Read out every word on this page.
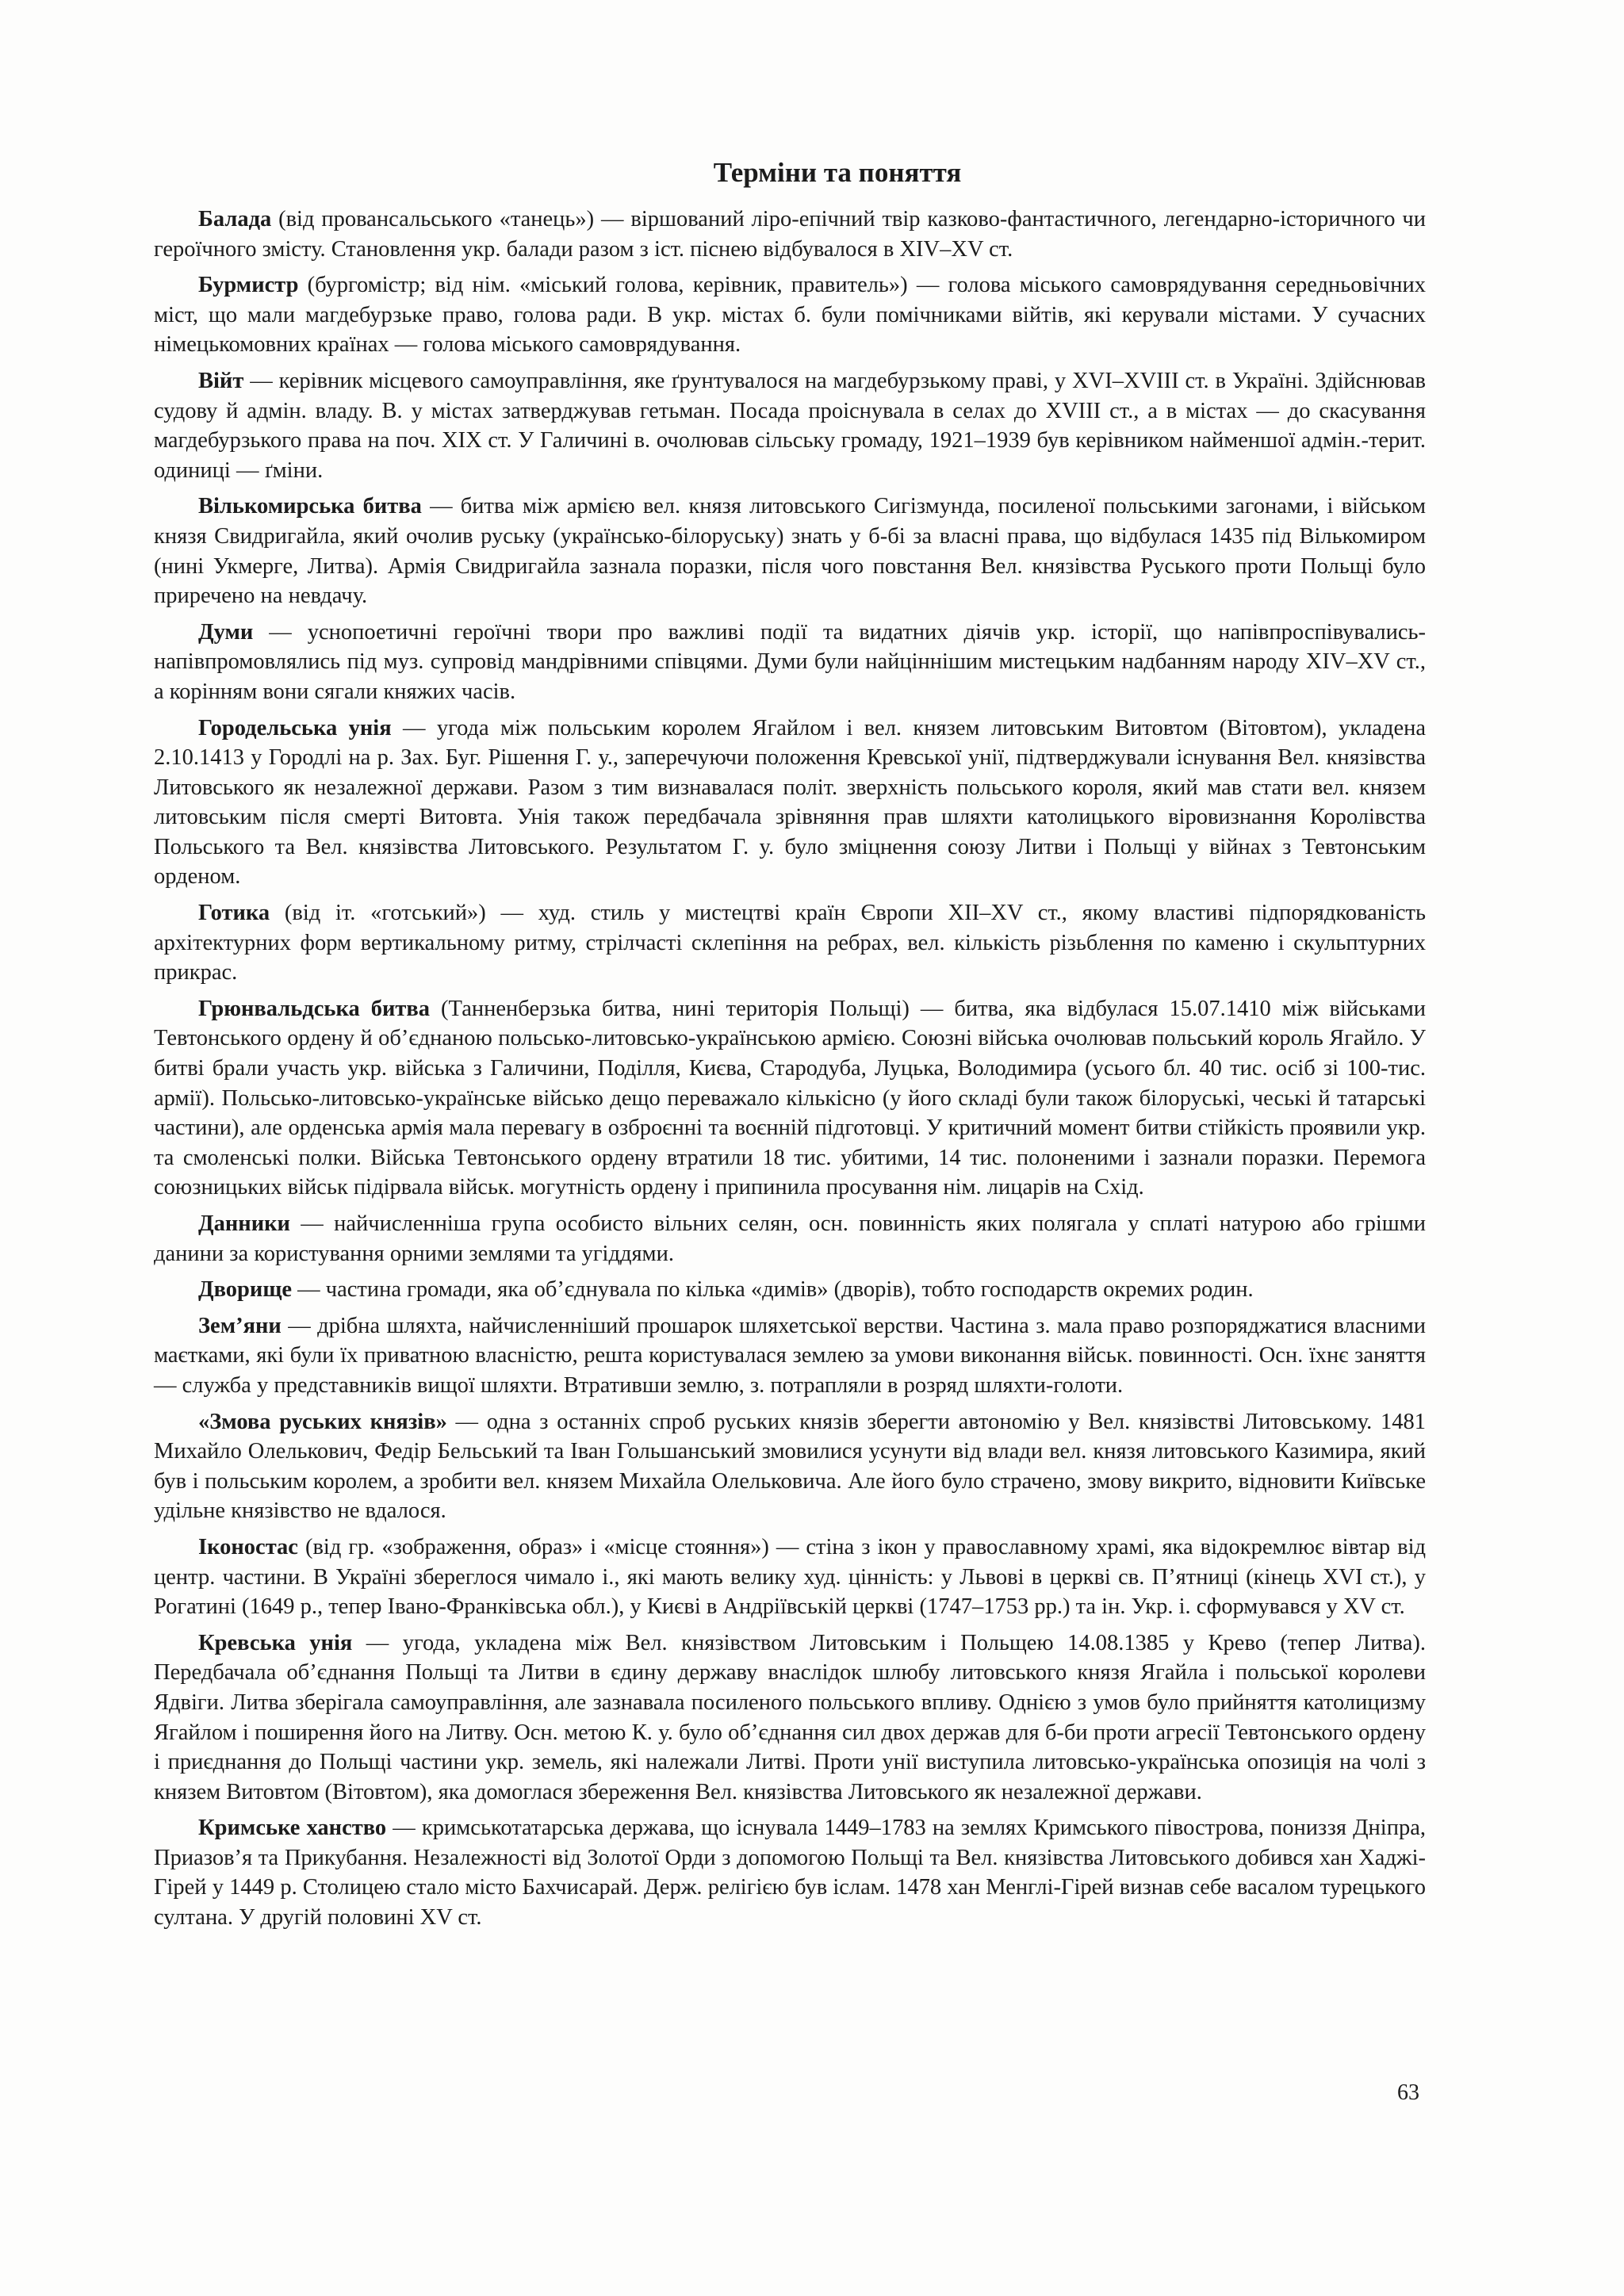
Терміни та поняття

Балада (від провансальського «танець») — віршований ліро-епічний твір казково-фантастичного, легендарно-історичного чи героїчного змісту. Становлення укр. балади разом з іст. піснею відбувалося в XIV–XV ст.

Бурмистр (бургомістр; від нім. «міський голова, керівник, правитель») — голова міського самоврядування середньовічних міст, що мали магдебурзьке право, голова ради. В укр. містах б. були помічниками війтів, які керували містами. У сучасних німецькомовних країнах — голова міського самоврядування.

Війт — керівник місцевого самоуправління, яке ґрунтувалося на магдебурзькому праві, у XVI–XVIII ст. в Україні. Здійснював судову й адмін. владу. В. у містах затверджував гетьман. Посада проіснувала в селах до XVIII ст., а в містах — до скасування магдебурзького права на поч. XIX ст. У Галичині в. очолював сільську громаду, 1921–1939 був керівником найменшої адмін.-терит. одиниці — ґміни.

Вількомирська битва — битва між армією вел. князя литовського Сигізмунда, посиленої польськими загонами, і військом князя Свидригайла, який очолив руську (українсько-білоруську) знать у б-бі за власні права, що відбулася 1435 під Вількомиром (нині Укмерге, Литва). Армія Свидригайла зазнала поразки, після чого повстання Вел. князівства Руського проти Польщі було приречено на невдачу.

Думи — уснопоетичні героїчні твори про важливі події та видатних діячів укр. історії, що напівпроспівувались-напівпромовлялись під муз. супровід мандрівними співцями. Думи були найціннішим мистецьким надбанням народу XIV–XV ст., а корінням вони сягали княжих часів.

Городельська унія — угода між польським королем Ягайлом і вел. князем литовським Витовтом (Вітовтом), укладена 2.10.1413 у Городлі на р. Зах. Буг. Рішення Г. у., заперечуючи положення Кревської унії, підтверджували існування Вел. князівства Литовського як незалежної держави. Разом з тим визнавалася політ. зверхність польського короля, який мав стати вел. князем литовським після смерті Витовта. Унія також передбачала зрівняння прав шляхти католицького віровизнання Королівства Польського та Вел. князівства Литовського. Результатом Г. у. було зміцнення союзу Литви і Польщі у війнах з Тевтонським орденом.

Готика (від іт. «готський») — худ. стиль у мистецтві країн Європи XII–XV ст., якому властиві підпорядкованість архітектурних форм вертикальному ритму, стрілчасті склепіння на ребрах, вел. кількість різьблення по каменю і скульптурних прикрас.

Грюнвальдська битва (Танненберзька битва, нині територія Польщі) — битва, яка відбулася 15.07.1410 між військами Тевтонського ордену й об’єднаною польсько-литовсько-українською армією. Союзні війська очолював польський король Ягайло. У битві брали участь укр. війська з Галичини, Поділля, Києва, Стародуба, Луцька, Володимира (усього бл. 40 тис. осіб зі 100-тис. армії). Польсько-литовсько-українське військо дещо переважало кількісно (у його складі були також білоруські, чеські й татарські частини), але орденська армія мала перевагу в озброєнні та воєнній підготовці. У критичний момент битви стійкість проявили укр. та смоленські полки. Війська Тевтонського ордену втратили 18 тис. убитими, 14 тис. полоненими і зазнали поразки. Перемога союзницьких військ підірвала військ. могутність ордену і припинила просування нім. лицарів на Схід.

Данники — найчисленніша група особисто вільних селян, осн. повинність яких полягала у сплаті натурою або грішми данини за користування орними землями та угіддями.

Дворище — частина громади, яка об’єднувала по кілька «димів» (дворів), тобто господарств окремих родин.

Зем’яни — дрібна шляхта, найчисленніший прошарок шляхетської верстви. Частина з. мала право розпоряджатися власними маєтками, які були їх приватною власністю, решта користувалася землею за умови виконання військ. повинності. Осн. їхнє заняття — служба у представників вищої шляхти. Втративши землю, з. потрапляли в розряд шляхти-голоти.

«Змова руських князів» — одна з останніх спроб руських князів зберегти автономію у Вел. князівстві Литовському. 1481 Михайло Олелькович, Федір Бельський та Іван Гольшанський змовилися усунути від влади вел. князя литовського Казимира, який був і польським королем, а зробити вел. князем Михайла Олельковича. Але його було страчено, змову викрито, відновити Київське удільне князівство не вдалося.

Іконостас (від гр. «зображення, образ» і «місце стояння») — стіна з ікон у православному храмі, яка відокремлює вівтар від центр. частини. В Україні збереглося чимало і., які мають велику худ. цінність: у Львові в церкві св. П’ятниці (кінець XVI ст.), у Рогатині (1649 р., тепер Івано-Франківська обл.), у Києві в Андріївській церкві (1747–1753 рр.) та ін. Укр. і. сформувався у XV ст.

Кревська унія — угода, укладена між Вел. князівством Литовським і Польщею 14.08.1385 у Крево (тепер Литва). Передбачала об’єднання Польщі та Литви в єдину державу внаслідок шлюбу литовського князя Ягайла і польської королеви Ядвіги. Литва зберігала самоуправління, але зазнавала посиленого польського впливу. Однією з умов було прийняття католицизму Ягайлом і поширення його на Литву. Осн. метою К. у. було об’єднання сил двох держав для б-би проти агресії Тевтонського ордену і приєднання до Польщі частини укр. земель, які належали Литві. Проти унії виступила литовсько-українська опозиція на чолі з князем Витовтом (Вітовтом), яка домоглася збереження Вел. князівства Литовського як незалежної держави.

Кримське ханство — кримськотатарська держава, що існувала 1449–1783 на землях Кримського півострова, пониззя Дніпра, Приазов’я та Прикубання. Незалежності від Золотої Орди з допомогою Польщі та Вел. князівства Литовського добився хан Хаджі-Гірей у 1449 р. Столицею стало місто Бахчисарай. Держ. релігією був іслам. 1478 хан Менглі-Гірей визнав себе васалом турецького султана. У другій половині XV ст.

63
